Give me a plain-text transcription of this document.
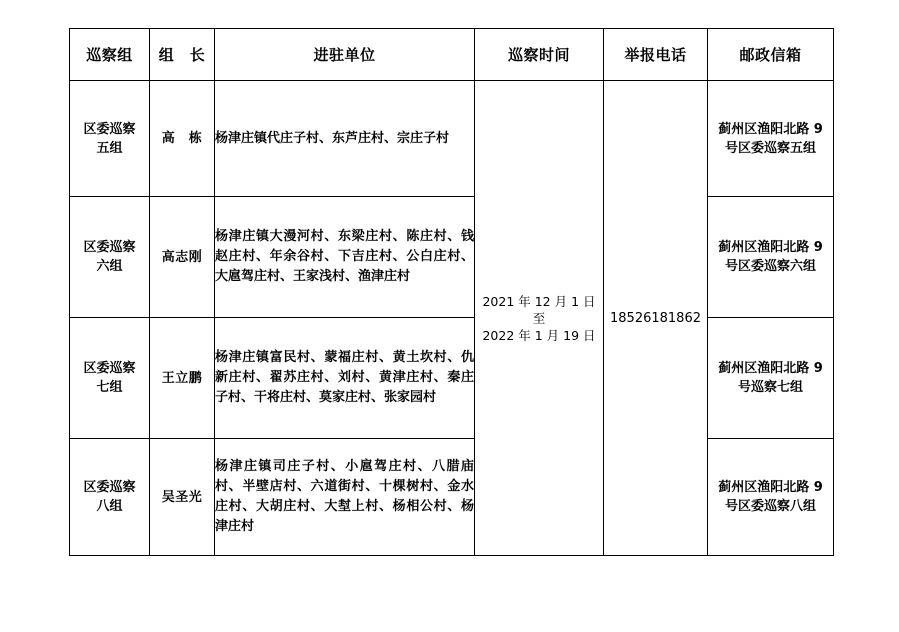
巡察组	组　长	进驻单位	巡察时间	举报电话	邮政信箱
区委巡察五组	高　栋	杨津庄镇代庄子村、东芦庄村、宗庄子村	2021 年 12 月 1 日
至
2022 年 1 月 19 日	18526181862	蓟州区渔阳北路 9 号区委巡察五组
区委巡察六组	高志刚	杨津庄镇大漫河村、东梁庄村、陈庄村、钱赵庄村、年余谷村、下吉庄村、公白庄村、大扈驾庄村、王家浅村、渔津庄村			蓟州区渔阳北路 9 号区委巡察六组
区委巡察七组	王立鹏	杨津庄镇富民村、蒙福庄村、黄土坎村、仇新庄村、翟苏庄村、刘村、黄津庄村、秦庄子村、干将庄村、莫家庄村、张家园村			蓟州区渔阳北路 9 号巡察七组
区委巡察八组	吴圣光	杨津庄镇司庄子村、小扈驾庄村、八腊庙村、半壁店村、六道街村、十棵树村、金水庄村、大胡庄村、大堼上村、杨相公村、杨津庄村			蓟州区渔阳北路 9 号区委巡察八组
